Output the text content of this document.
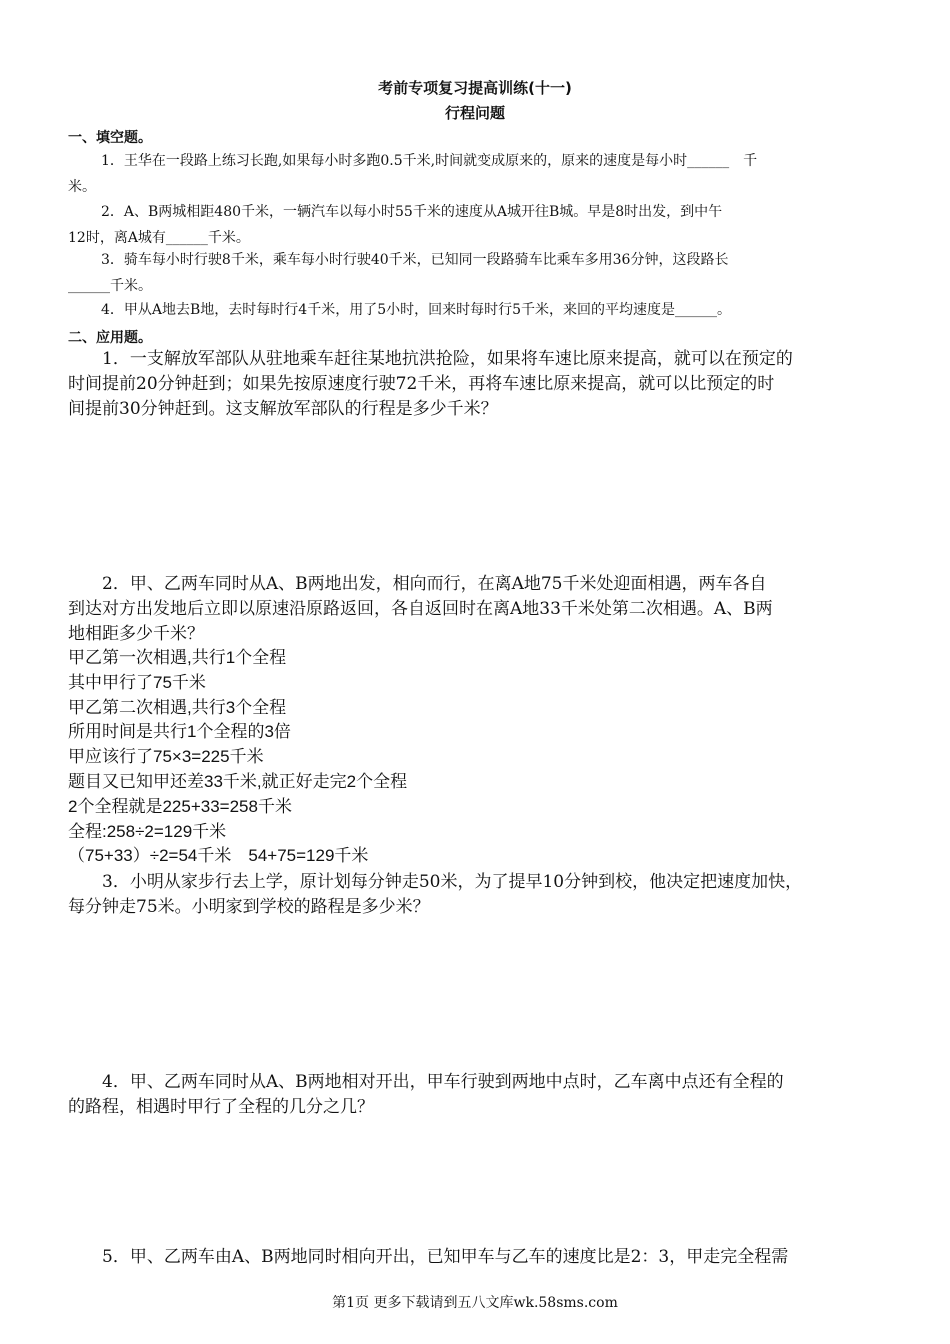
考前专项复习提高训练(十一)
行程问题
一、填空题。

1．王华在一段路上练习长跑,如果每小时多跑0.5千米,时间就变成原来的，原来的速度是每小时______　千

米。

2．A、B两城相距480千米，一辆汽车以每小时55千米的速度从A城开往B城。早是8时出发，到中午

12时，离A城有______千米。

3．骑车每小时行驶8千米，乘车每小时行驶40千米，已知同一段路骑车比乘车多用36分钟，这段路长

______千米。

4．甲从A地去B地，去时每时行4千米，用了5小时，回来时每时行5千米，来回的平均速度是______。

二、应用题。

1．一支解放军部队从驻地乘车赶往某地抗洪抢险，如果将车速比原来提高，就可以在预定的

时间提前20分钟赶到；如果先按原速度行驶72千米，再将车速比原来提高，就可以比预定的时

间提前30分钟赶到。这支解放军部队的行程是多少千米？

2．甲、乙两车同时从A、B两地出发，相向而行，在离A地75千米处迎面相遇，两车各自

到达对方出发地后立即以原速沿原路返回，各自返回时在离A地33千米处第二次相遇。A、B两

地相距多少千米？

甲乙第一次相遇,共行1个全程
其中甲行了75千米
甲乙第二次相遇,共行3个全程
所用时间是共行1个全程的3倍
甲应该行了75×3=225千米
题目又已知甲还差33千米,就正好走完2个全程
2个全程就是225+33=258千米
全程:258÷2=129千米
（75+33）÷2=54千米　54+75=129千米

3．小明从家步行去上学，原计划每分钟走50米，为了提早10分钟到校，他决定把速度加快，

每分钟走75米。小明家到学校的路程是多少米？

4．甲、乙两车同时从A、B两地相对开出，甲车行驶到两地中点时，乙车离中点还有全程的

的路程，相遇时甲行了全程的几分之几？

5．甲、乙两车由A、B两地同时相向开出，已知甲车与乙车的速度比是2：3，甲走完全程需

第1页 更多下载请到五八文库wk.58sms.com
